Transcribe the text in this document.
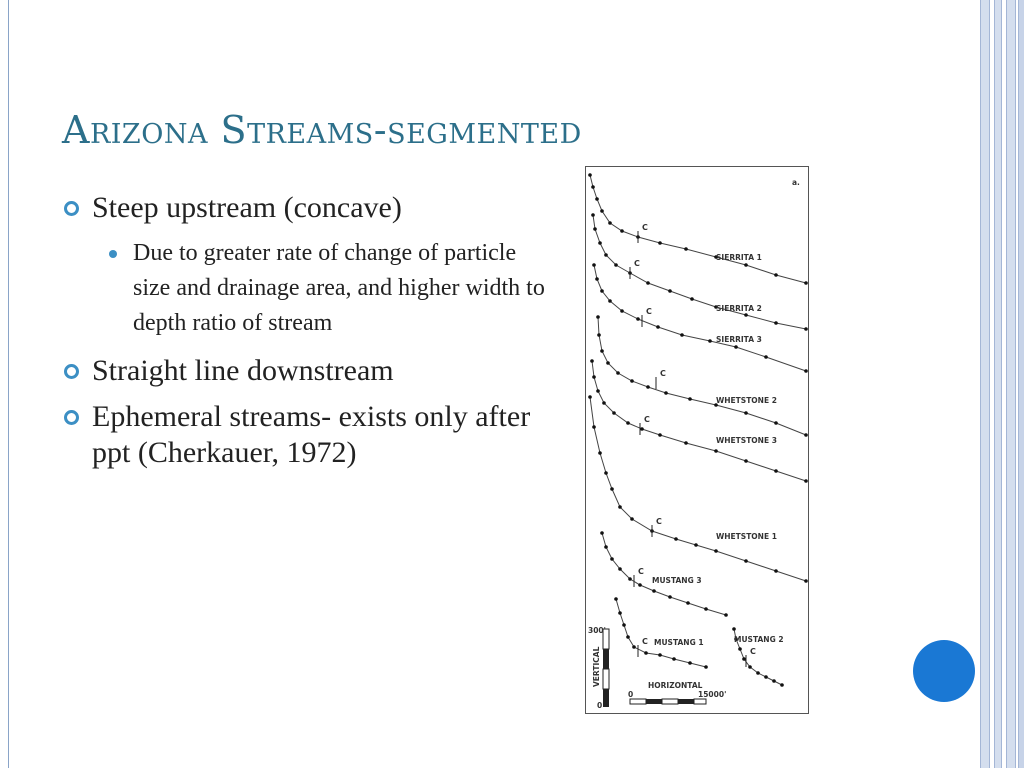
Arizona Streams-segmented
Steep upstream (concave)
Due to greater rate of change of particle size and drainage area, and higher width to depth ratio of stream
Straight line downstream
Ephemeral streams- exists only after ppt (Cherkauer, 1972)
a.
C
SIERRITA 1
C
SIERRITA 2
C
SIERRITA 3
C
WHETSTONE 2
C
WHETSTONE 3
C
WHETSTONE 1
C
MUSTANG 3
C MUSTANG 1
C
MUSTANG 2
300'
0
VERTICAL	HORIZONTAL
0	15000'
